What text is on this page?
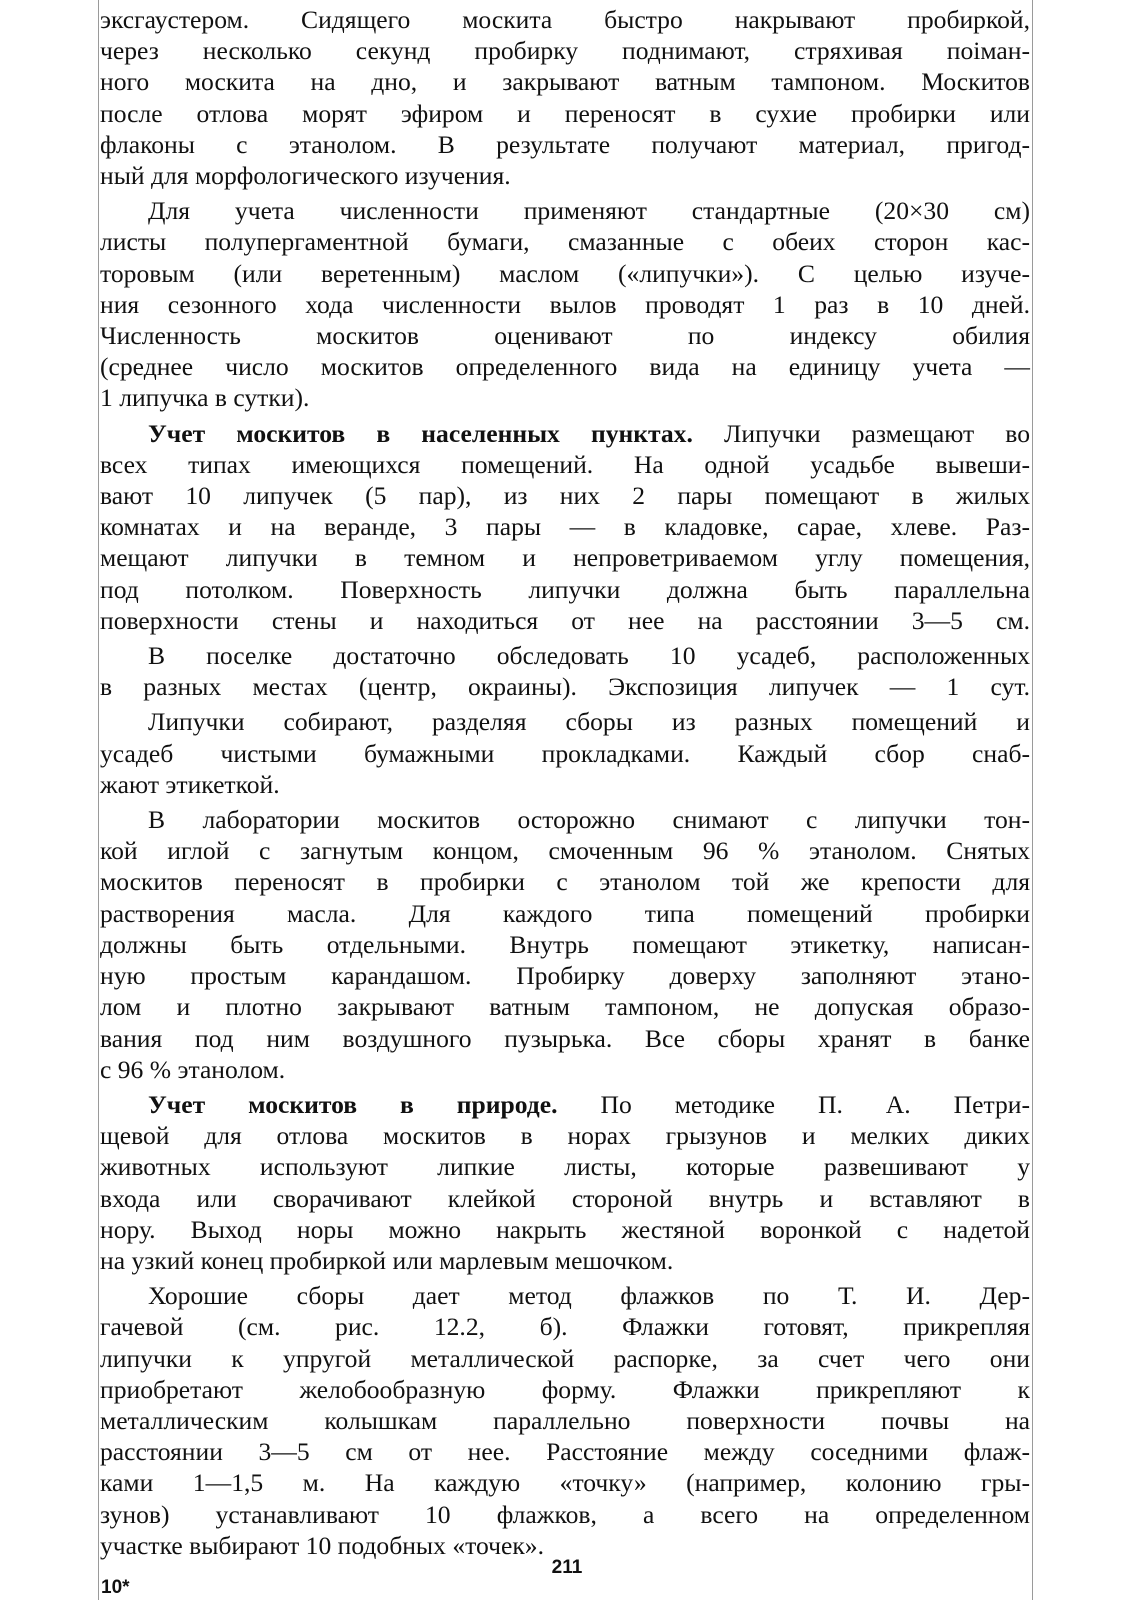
эксгаустером. Сидящего москита быстро накрывают пробиркой,
через несколько секунд пробирку поднимают, стряхивая поіман-
ного москита на дно, и закрывают ватным тампоном. Москитов
после отлова морят эфиром и переносят в сухие пробирки или
флаконы с этанолом. В результате получают материал, пригод-
ный для морфологического изучения.
Для учета численности применяют стандартные (20×30 см)
листы полупергаментной бумаги, смазанные с обеих сторон кас-
торовым (или веретенным) маслом («липучки»). С целью изуче-
ния сезонного хода численности вылов проводят 1 раз в 10 дней.
Численность москитов оценивают по индексу обилия
(среднее число москитов определенного вида на единицу учета —
1 липучка в сутки).
Учет москитов в населенных пунктах. Липучки размещают во
всех типах имеющихся помещений. На одной усадьбе вывеши-
вают 10 липучек (5 пар), из них 2 пары помещают в жилых
комнатах и на веранде, 3 пары — в кладовке, сарае, хлеве. Раз-
мещают липучки в темном и непроветриваемом углу помещения,
под потолком. Поверхность липучки должна быть параллельна
поверхности стены и находиться от нее на расстоянии 3—5 см.
В поселке достаточно обследовать 10 усадеб, расположенных
в разных местах (центр, окраины). Экспозиция липучек — 1 сут.
Липучки собирают, разделяя сборы из разных помещений и
усадеб чистыми бумажными прокладками. Каждый сбор снаб-
жают этикеткой.
В лаборатории москитов осторожно снимают с липучки тон-
кой иглой с загнутым концом, смоченным 96 % этанолом. Снятых
москитов переносят в пробирки с этанолом той же крепости для
растворения масла. Для каждого типа помещений пробирки
должны быть отдельными. Внутрь помещают этикетку, написан-
ную простым карандашом. Пробирку доверху заполняют этано-
лом и плотно закрывают ватным тампоном, не допуская образо-
вания под ним воздушного пузырька. Все сборы хранят в банке
с 96 % этанолом.
Учет москитов в природе. По методике П. А. Петри-
щевой для отлова москитов в норах грызунов и мелких диких
животных используют липкие листы, которые развешивают у
входа или сворачивают клейкой стороной внутрь и вставляют в
нору. Выход норы можно накрыть жестяной воронкой с надетой
на узкий конец пробиркой или марлевым мешочком.
Хорошие сборы дает метод флажков по Т. И. Дер-
гачевой (см. рис. 12.2, б). Флажки готовят, прикрепляя
липучки к упругой металлической распорке, за счет чего они
приобретают желобообразную форму. Флажки прикрепляют к
металлическим колышкам параллельно поверхности почвы на
расстоянии 3—5 см от нее. Расстояние между соседними флаж-
ками 1—1,5 м. На каждую «точку» (например, колонию гры-
зунов) устанавливают 10 флажков, а всего на определенном
участке выбирают 10 подобных «точек».
211
10*
